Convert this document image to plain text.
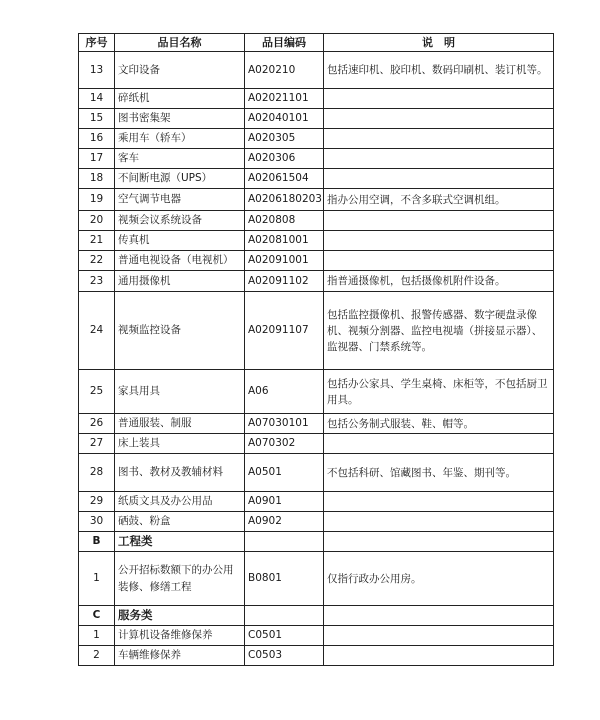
序号	品目名称	品目编码	说　明
13	文印设备	A020210	包括速印机、胶印机、数码印刷机、装订机等。
14	碎纸机	A02021101	
15	图书密集架	A02040101	
16	乘用车（轿车）	A020305	
17	客车	A020306	
18	不间断电源（UPS）	A02061504	
19	空气调节电器	A0206180203	指办公用空调，不含多联式空调机组。
20	视频会议系统设备	A020808	
21	传真机	A02081001	
22	普通电视设备（电视机）	A02091001	
23	通用摄像机	A02091102	指普通摄像机，包括摄像机附件设备。
24	视频监控设备	A02091107	包括监控摄像机、报警传感器、数字硬盘录像机、视频分割器、监控电视墙（拼接显示器）、监视器、门禁系统等。
25	家具用具	A06	包括办公家具、学生桌椅、床柜等，不包括厨卫用具。
26	普通服装、制服	A07030101	包括公务制式服装、鞋、帽等。
27	床上装具	A070302	
28	图书、教材及教辅材料	A0501	不包括科研、馆藏图书、年鉴、期刊等。
29	纸质文具及办公用品	A0901	
30	硒鼓、粉盒	A0902	
B	工程类		
1	公开招标数额下的办公用装修、修缮工程	B0801	仅指行政办公用房。
C	服务类		
1	计算机设备维修保养	C0501	
2	车辆维修保养	C0503	
